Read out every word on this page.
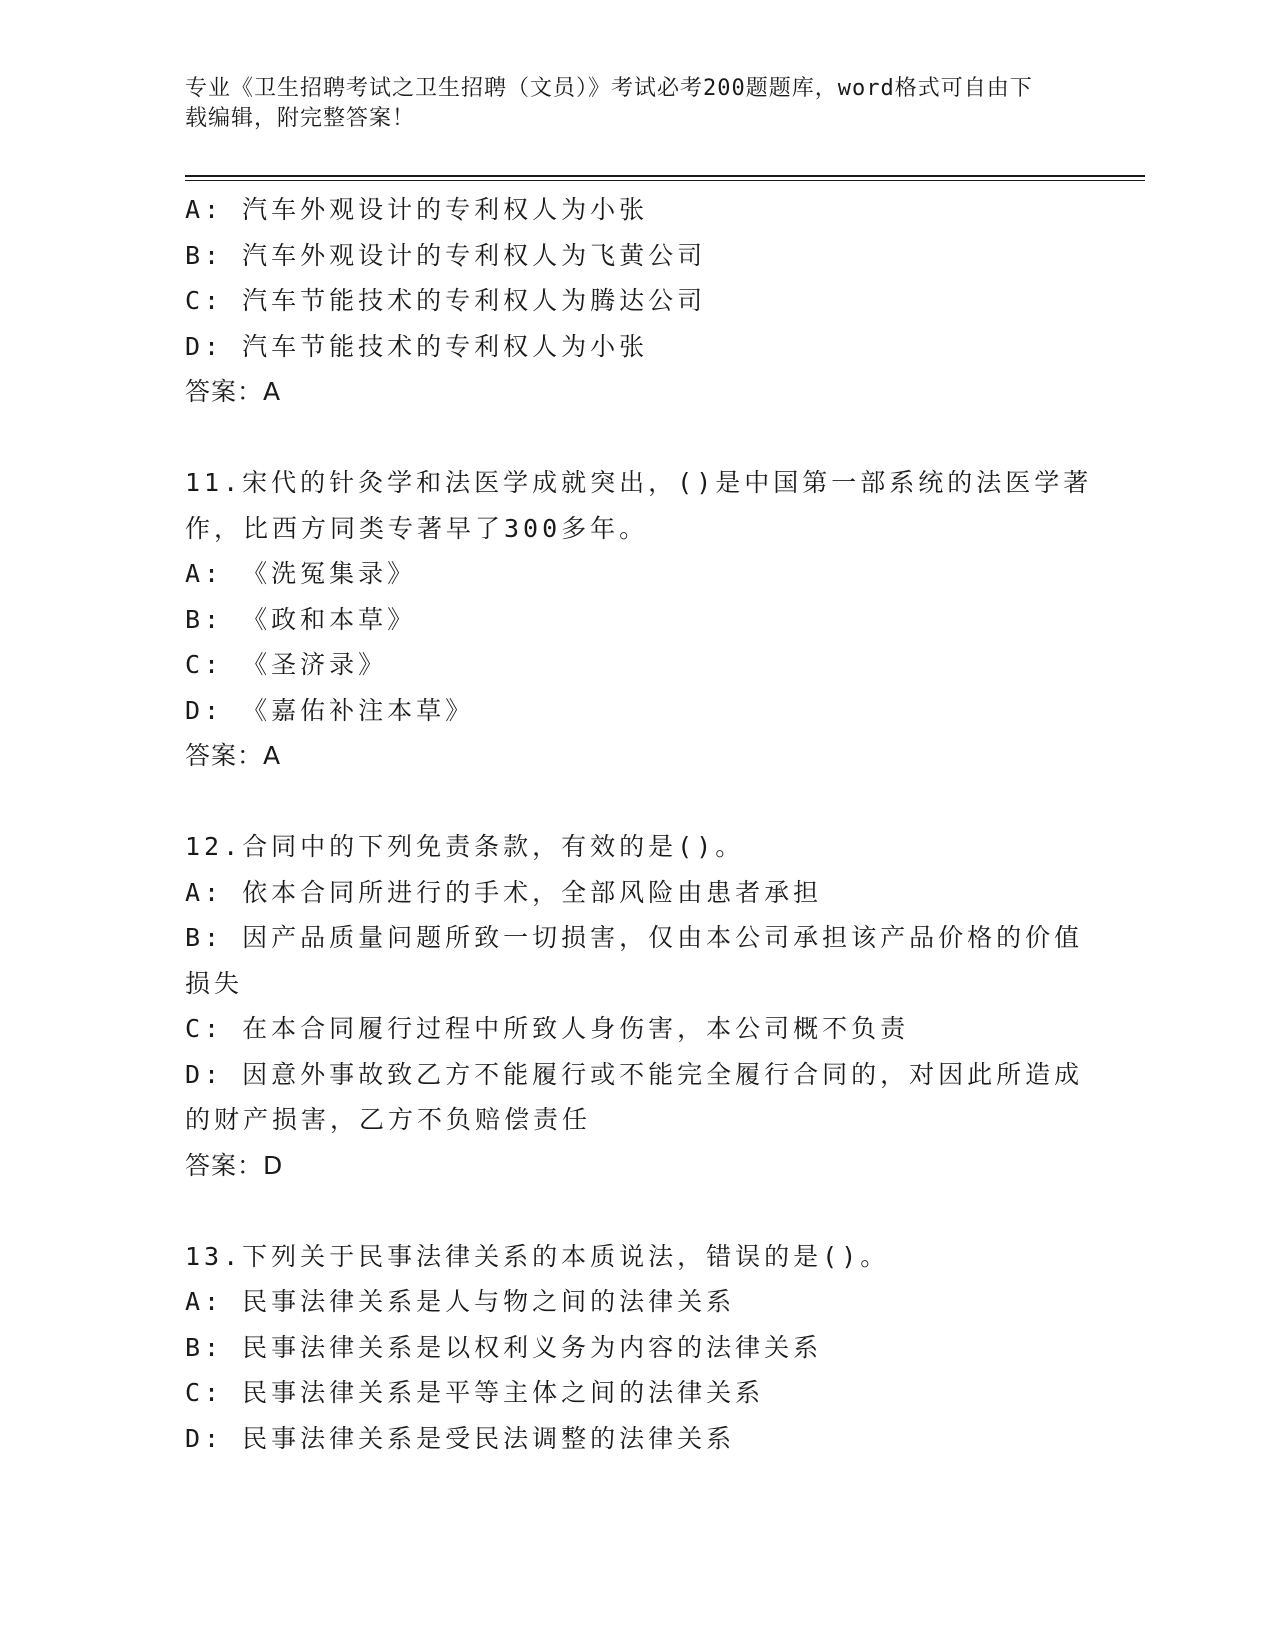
专业《卫生招聘考试之卫生招聘（文员）》考试必考200题题库，word格式可自由下载编辑，附完整答案！
A: 汽车外观设计的专利权人为小张
B: 汽车外观设计的专利权人为飞黄公司
C: 汽车节能技术的专利权人为腾达公司
D: 汽车节能技术的专利权人为小张
答案：A
11.宋代的针灸学和法医学成就突出，()是中国第一部系统的法医学著
作，比西方同类专著早了300多年。
A: 《洗冤集录》
B: 《政和本草》
C: 《圣济录》
D: 《嘉佑补注本草》
答案：A
12.合同中的下列免责条款，有效的是()。
A: 依本合同所进行的手术，全部风险由患者承担
B: 因产品质量问题所致一切损害，仅由本公司承担该产品价格的价值
损失
C: 在本合同履行过程中所致人身伤害，本公司概不负责
D: 因意外事故致乙方不能履行或不能完全履行合同的，对因此所造成
的财产损害，乙方不负赔偿责任
答案：D
13.下列关于民事法律关系的本质说法，错误的是()。
A: 民事法律关系是人与物之间的法律关系
B: 民事法律关系是以权利义务为内容的法律关系
C: 民事法律关系是平等主体之间的法律关系
D: 民事法律关系是受民法调整的法律关系
